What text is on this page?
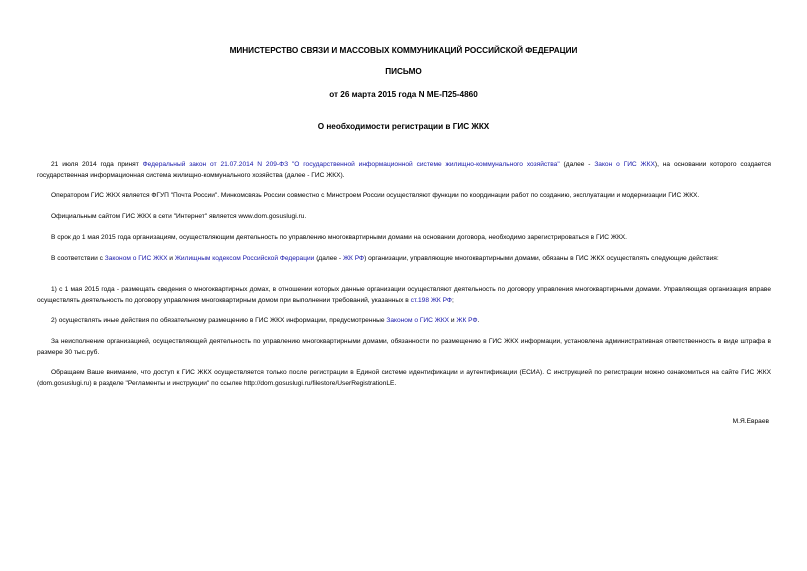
МИНИСТЕРСТВО СВЯЗИ И МАССОВЫХ КОММУНИКАЦИЙ РОССИЙСКОЙ ФЕДЕРАЦИИ
ПИСЬМО
от 26 марта 2015 года N МЕ-П25-4860
О необходимости регистрации в ГИС ЖКХ
21 июля 2014 года принят Федеральный закон от 21.07.2014 N 209-ФЗ "О государственной информационной системе жилищно-коммунального хозяйства" (далее - Закон о ГИС ЖКХ), на основании которого создается государственная информационная система жилищно-коммунального хозяйства (далее - ГИС ЖКХ).
Оператором ГИС ЖКХ является ФГУП "Почта России". Минкомсвязь России совместно с Минстроем России осуществляют функции по координации работ по созданию, эксплуатации и модернизации ГИС ЖКХ.
Официальным сайтом ГИС ЖКХ в сети "Интернет" является www.dom.gosuslugi.ru.
В срок до 1 мая 2015 года организациям, осуществляющим деятельность по управлению многоквартирными домами на основании договора, необходимо зарегистрироваться в ГИС ЖКХ.
В соответствии с Законом о ГИС ЖКХ и Жилищным кодексом Российской Федерации (далее - ЖК РФ) организации, управляющие многоквартирными домами, обязаны в ГИС ЖКХ осуществлять следующие действия:
1) с 1 мая 2015 года - размещать сведения о многоквартирных домах, в отношении которых данные организации осуществляют деятельность по договору управления многоквартирными домами. Управляющая организация вправе осуществлять деятельность по договору управления многоквартирным домом при выполнении требований, указанных в ст.198 ЖК РФ;
2) осуществлять иные действия по обязательному размещению в ГИС ЖКХ информации, предусмотренные Законом о ГИС ЖКХ и ЖК РФ.
За неисполнение организацией, осуществляющей деятельность по управлению многоквартирными домами, обязанности по размещению в ГИС ЖКХ информации, установлена административная ответственность в виде штрафа в размере 30 тыс.руб.
Обращаем Ваше внимание, что доступ к ГИС ЖКХ осуществляется только после регистрации в Единой системе идентификации и аутентификации (ЕСИА). С инструкцией по регистрации можно ознакомиться на сайте ГИС ЖКХ (dom.gosuslugi.ru) в разделе "Регламенты и инструкции" по ссылке http://dom.gosuslugi.ru/filestore/UserRegistrationLE.
М.Я.Евраев
